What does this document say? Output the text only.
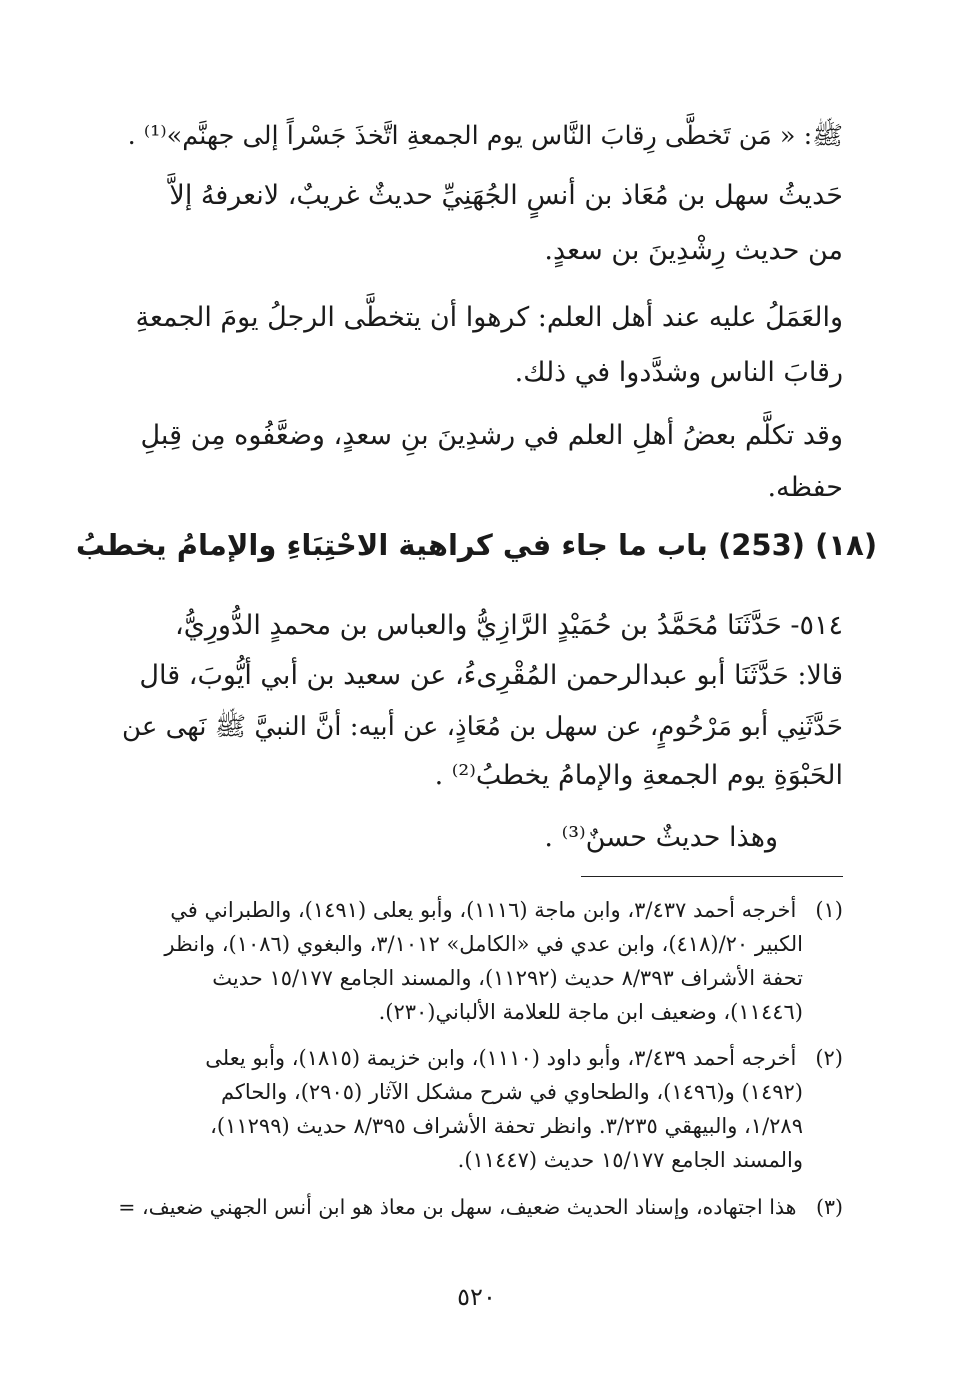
ﷺ: « مَن تَخطَّى رِقابَ النَّاس يوم الجمعةِ اتَّخذَ جَسْراً إلى جهنَّم»⁽¹⁾ .
حَديثُ سهل بن مُعَاذ بن أنسٍ الجُهَنِيِّ حديثٌ غريبٌ، لانعرفهُ إلاَّ
من حديث رِشْدِينَ بن سعدٍ.
والعَمَلُ عليه عند أهل العلم: كرهوا أن يتخطَّى الرجلُ يومَ الجمعةِ
رقابَ الناس وشدَّدوا في ذلك.
وقد تكلَّم بعضُ أهلِ العلم في رشدِينَ بنِ سعدٍ، وضعَّفُوه مِن قِبلِ
حفظه.
(١٨) (253) باب ما جاء في كراهية الاحْتِبَاءِ والإمامُ يخطبُ
٥١٤- حَدَّثَنَا مُحَمَّدُ بن حُمَيْدٍ الرَّازِيُّ والعباس بن محمدٍ الدُّورِيُّ،
قالا: حَدَّثَنَا أبو عبدالرحمن المُقْرِىءُ، عن سعيد بن أبي أيُّوبَ، قال
حَدَّثَنِي أبو مَرْحُومٍ، عن سهل بن مُعَاذٍ، عن أبيه: أنَّ النبيَّ ﷺ نَهى عن
الحَبْوَةِ يوم الجمعةِ والإمامُ يخطبُ⁽²⁾ .
وهذا حديثٌ حسنٌ⁽³⁾ .
(١) أخرجه أحمد ٣/٤٣٧، وابن ماجة (١١١٦)، وأبو يعلى (١٤٩١)، والطبراني في
الكبير ٢٠/(٤١٨)، وابن عدي في «الكامل» ٣/١٠١٢، والبغوي (١٠٨٦)، وانظر
تحفة الأشراف ٨/٣٩٣ حديث (١١٢٩٢)، والمسند الجامع ١٥/١٧٧ حديث
(١١٤٤٦)، وضعيف ابن ماجة للعلامة الألباني(٢٣٠).
(٢) أخرجه أحمد ٣/٤٣٩، وأبو داود (١١١٠)، وابن خزيمة (١٨١٥)، وأبو يعلى
(١٤٩٢) و(١٤٩٦)، والطحاوي في شرح مشكل الآثار (٢٩٠٥)، والحاكم
١/٢٨٩، والبيهقي ٣/٢٣٥. وانظر تحفة الأشراف ٨/٣٩٥ حديث (١١٢٩٩)،
والمسند الجامع ١٥/١٧٧ حديث (١١٤٤٧).
(٣) هذا اجتهاده، وإسناد الحديث ضعيف، سهل بن معاذ هو ابن أنس الجهني ضعيف، =
٥٢٠
